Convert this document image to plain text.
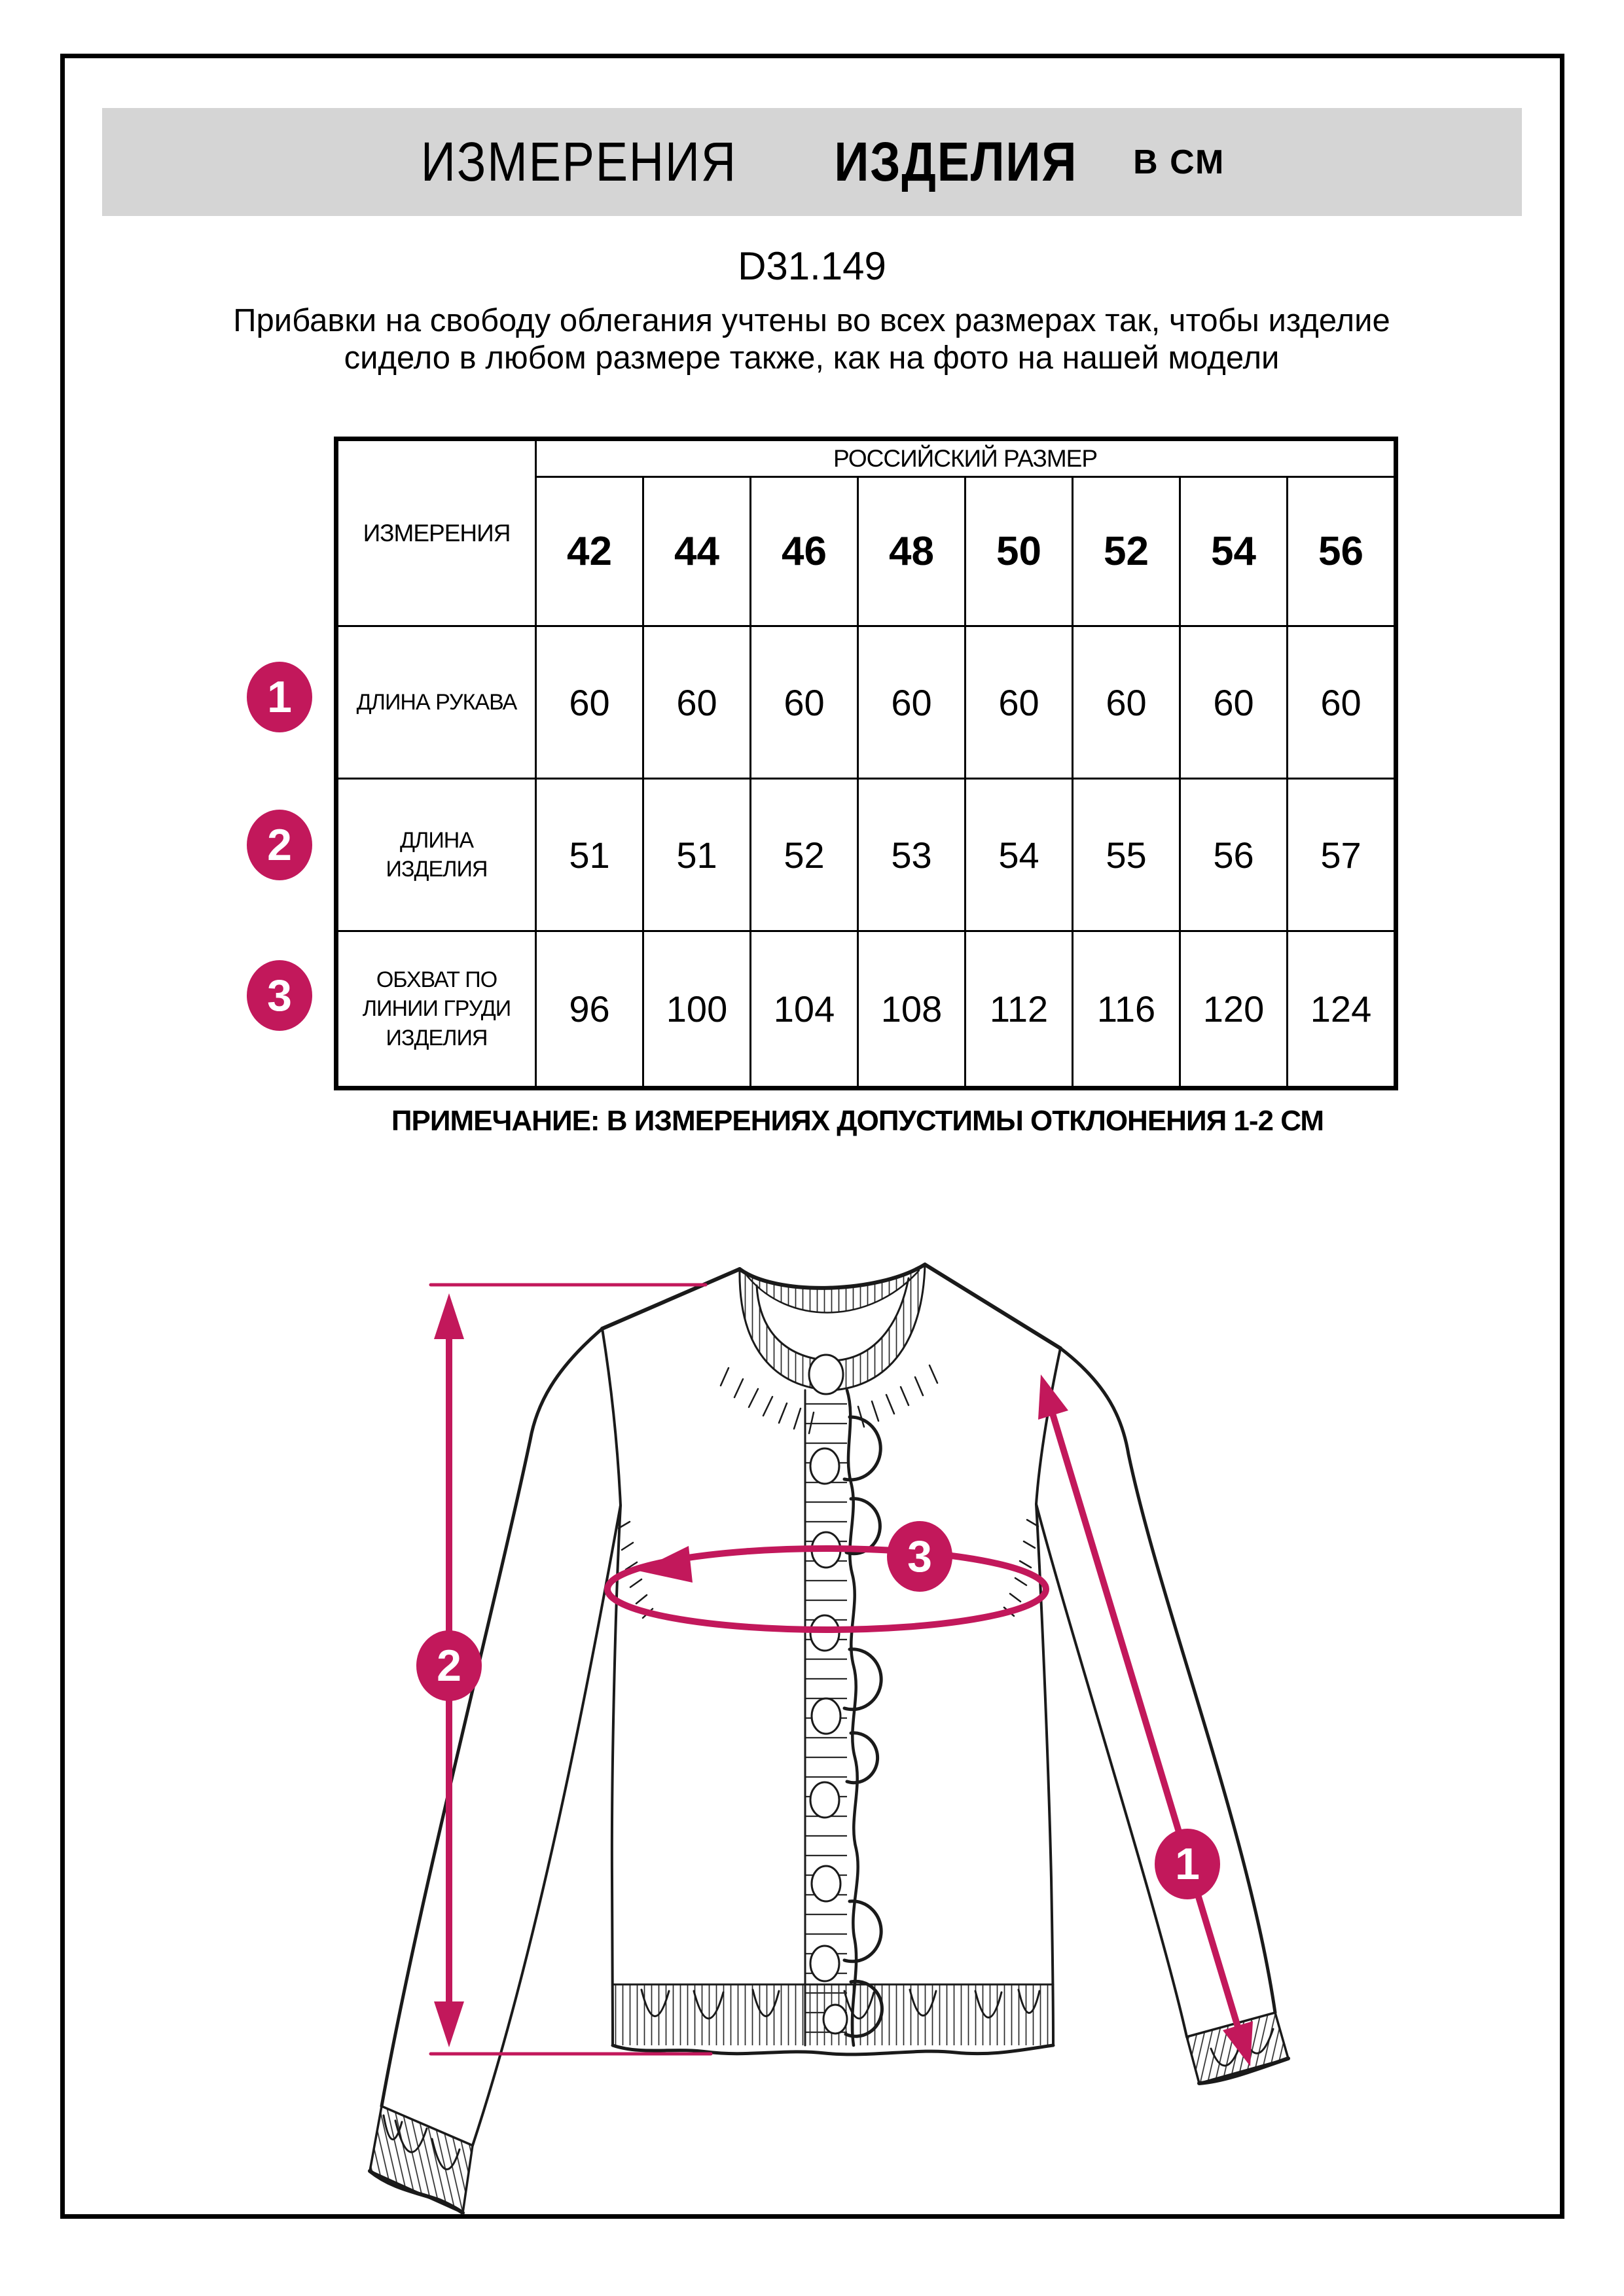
ИЗМЕРЕНИЯ ИЗДЕЛИЯ В СМ
D31.149
Прибавки на свободу облегания учтены во всех размерах так, чтобы изделие сидело в любом размере также, как на фото на нашей модели
ИЗМЕРЕНИЯ	РОССИЙСКИЙ РАЗМЕР							
	42	44	46	48	50	52	54	56
ДЛИНА РУКАВА	60	60	60	60	60	60	60	60
ДЛИНА ИЗДЕЛИЯ	51	51	52	53	54	55	56	57
ОБХВАТ ПО ЛИНИИ ГРУДИ ИЗДЕЛИЯ	96	100	104	108	112	116	120	124
1
2
3
ПРИМЕЧАНИЕ: В ИЗМЕРЕНИЯХ ДОПУСТИМЫ ОТКЛОНЕНИЯ 1-2 СМ
2
3
1
